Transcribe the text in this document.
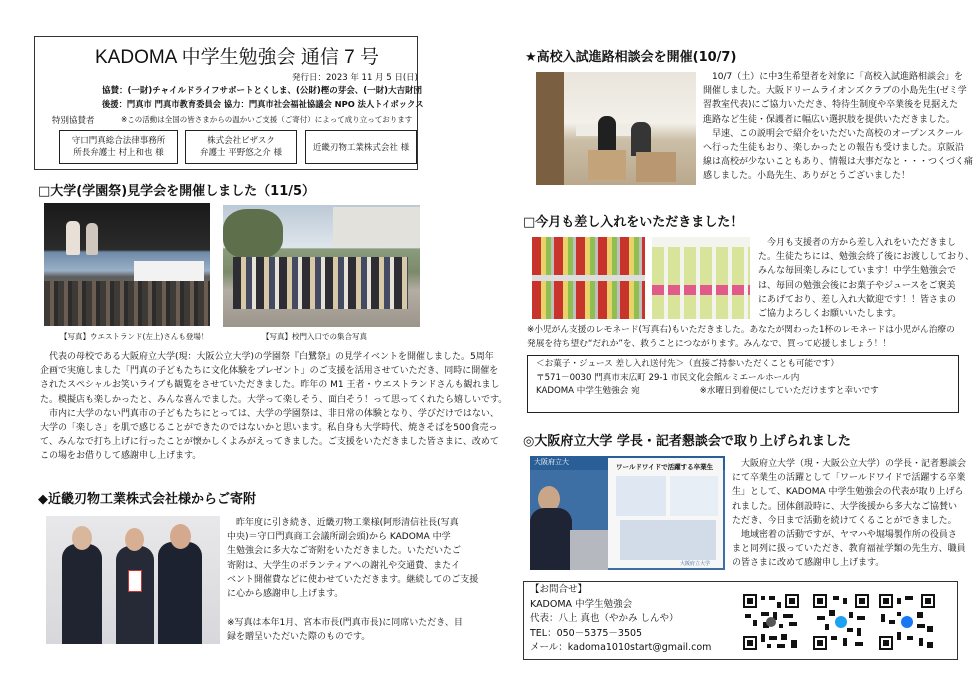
KADOMA 中学生勉強会 通信 7 号
発行日：2023 年 11 月 5 日(日)
協賛：(一財)チャイルドライフサポートとくしま、(公財)樫の芽会、(一財)大吉財団
後援：門真市 門真市教育委員会 協力：門真市社会福祉協議会 NPO 法人トイボックス
特別協賛者	※この活動は全国の皆さまからの温かいご支援（ご寄付）によって成り立っております
守口門真総合法律事務所
所長弁護士 村上和也 様
株式会社ビザスク
弁護士 平野悠之介 様	近畿刃物工業株式会社 様
□大学(学園祭)見学会を開催しました（11/5）
【写真】ウエストランド(左上)さんも登場！	【写真】校門入口での集合写真
代表の母校である大阪府立大学(現：大阪公立大学)の学園祭『白鷺祭』の見学イベントを開催しました。5周年
企画で実施しました「門真の子どもたちに文化体験をプレゼント」のご支援を活用させていただき、同時に開催を
されたスペシャルお笑いライブも観覧をさせていただきました。昨年の M1 王者・ウエストランドさんも観れまし
た。模擬店も楽しかったと、みんな喜んでました。大学って楽しそう、面白そう！って思ってくれたら嬉しいです。
市内に大学のない門真市の子どもたちにとっては、大学の学園祭は、非日常の体験となり、学びだけではない、
大学の「楽しさ」を肌で感じることができたのではないかと思います。私自身も大学時代、焼きそばを500食売っ
て、みんなで打ち上げに行ったことが懐かしくよみがえってきました。ご支援をいただきました皆さまに、改めて
この場をお借りして感謝申し上げます。
◆近畿刃物工業株式会社様からご寄附
昨年度に引き続き、近畿刃物工業様(阿形清信社長(写真
中央)＝守口門真商工会議所副会頭)から KADOMA 中学
生勉強会に多大なご寄附をいただきました。いただいたご
寄附は、大学生のボランティアへの謝礼や交通費、またイ
ベント開催費などに使わせていただきます。継続してのご支援
に心から感謝申し上げます。
※写真は本年1月、宮本市長(門真市長)に同席いただき、目
録を贈呈いただいた際のものです。
★高校入試進路相談会を開催(10/7)
10/7（土）に中3生希望者を対象に「高校入試進路相談会」を
開催しました。大阪ドリームライオンズクラブの小島先生(ゼミ学
習教室代表)にご協力いただき、特待生制度や卒業後を見据えた
進路など生徒・保護者に幅広い選択肢を提供いただきました。
早速、この説明会で紹介をいただいた高校のオープンスクール
へ行った生徒もおり、楽しかったとの報告も受けました。京阪沿
線は高校が少ないこともあり、情報は大事だなと・・・つくづく痛
感しました。小島先生、ありがとうございました！
□今月も差し入れをいただきました！
今月も支援者の方から差し入れをいただきまし
た。生徒たちには、勉強会終了後にお渡ししており、
みんな毎回楽しみにしています！中学生勉強会で
は、毎回の勉強会後にお菓子やジュースをご褒美
にあげており、差し入れ大歓迎です！！皆さまの
ご協力よろしくお願いいたします。
※小児がん支援のレモネード(写真右)もいただきました。あなたが関わった1杯のレモネードは小児がん治療の
発展を待ち望む“だれか”を、救うことにつながります。みんなで、買って応援しましょう！！
＜お菓子・ジュース 差し入れ送付先＞（直接ご持参いただくことも可能です）
〒571－0030 門真市末広町 29-1 市民文化会館ルミエールホール内
KADOMA 中学生勉強会 宛	※水曜日到着便にしていただけますと幸いです
◎大阪府立大学 学長・記者懇談会で取り上げられました
大阪府立大
ワールドワイドで活躍する卒業生
大阪府立大学
大阪府立大学（現・大阪公立大学）の学長・記者懇談会
にて卒業生の活躍として「ワールドワイドで活躍する卒業
生」として、KADOMA 中学生勉強会の代表が取り上げら
れました。団体創設時に、大学後援から多大なご協賛い
ただき、今日まで活動を続けてくることができました。
地域密着の活動ですが、ヤマハや堀場製作所の役員さ
まと同列に扱っていただき、教育福祉学類の先生方、職員
の皆さまに改めて感謝申し上げます。
【お問合せ】
KADOMA 中学生勉強会
代表：八上 真也（やかみ しんや）
TEL：050－5375－3505
メール：kadoma1010start@gmail.com
